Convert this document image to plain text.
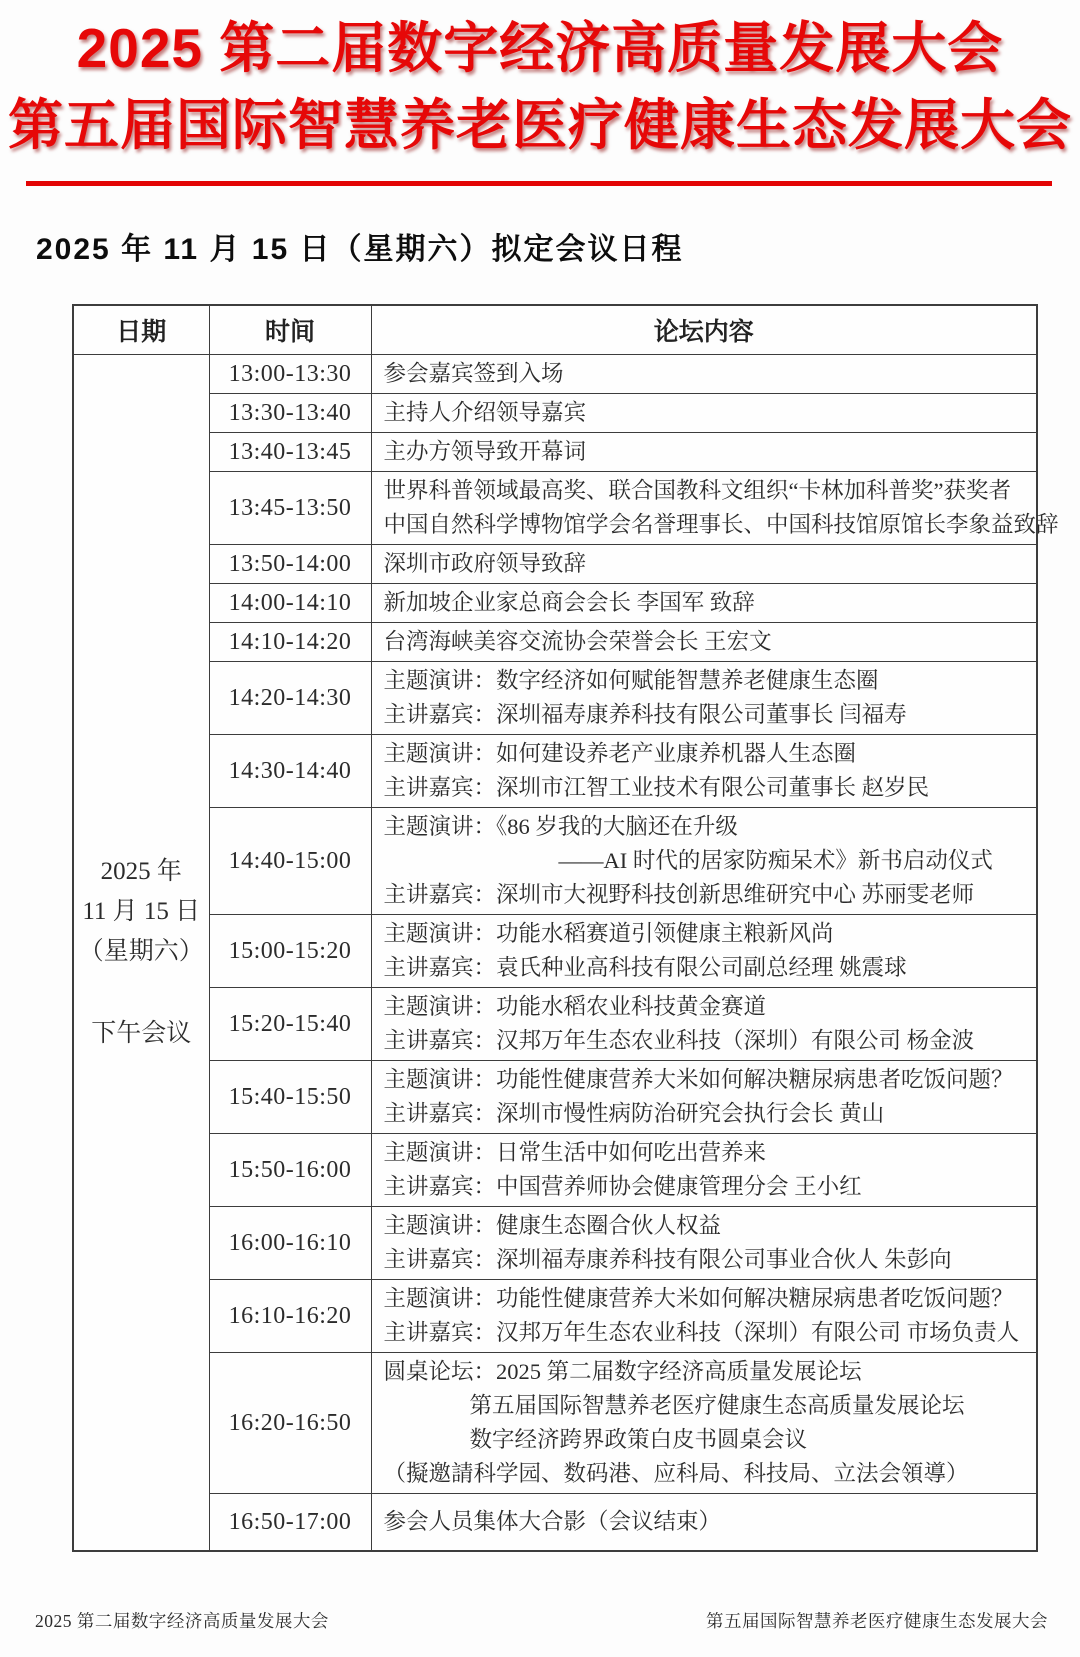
2025 第二届数字经济高质量发展大会
第五届国际智慧养老医疗健康生态发展大会
2025 年 11 月 15 日（星期六）拟定会议日程
日期	时间	论坛内容

2025 年
11 月 15 日
（星期六）
下午会议	13:00-13:30	参会嘉宾签到入场

	13:30-13:40	主持人介绍领导嘉宾

	13:40-13:45	主办方领导致开幕词

	13:45-13:50	世界科普领域最高奖、联合国教科文组织“卡林加科普奖”获奖者
中国自然科学博物馆学会名誉理事长、中国科技馆原馆长李象益致辞

	13:50-14:00	深圳市政府领导致辞

	14:00-14:10	新加坡企业家总商会会长 李国军 致辞

	14:10-14:20	台湾海峡美容交流协会荣誉会长 王宏文

	14:20-14:30	主题演讲：数字经济如何赋能智慧养老健康生态圈
主讲嘉宾：深圳福寿康养科技有限公司董事长 闫福寿

	14:30-14:40	主题演讲：如何建设养老产业康养机器人生态圈
主讲嘉宾：深圳市江智工业技术有限公司董事长 赵岁民

	14:40-15:00	主题演讲：《86 岁我的大脑还在升级
——AI 时代的居家防痴呆术》新书启动仪式
主讲嘉宾：深圳市大视野科技创新思维研究中心 苏丽雯老师

	15:00-15:20	主题演讲：功能水稻赛道引领健康主粮新风尚
主讲嘉宾：袁氏种业高科技有限公司副总经理 姚震球

	15:20-15:40	主题演讲：功能水稻农业科技黄金赛道
主讲嘉宾：汉邦万年生态农业科技（深圳）有限公司 杨金波

	15:40-15:50	主题演讲：功能性健康营养大米如何解决糖尿病患者吃饭问题？
主讲嘉宾：深圳市慢性病防治研究会执行会长 黄山

	15:50-16:00	主题演讲：日常生活中如何吃出营养来
主讲嘉宾：中国营养师协会健康管理分会 王小红

	16:00-16:10	主题演讲：健康生态圈合伙人权益
主讲嘉宾：深圳福寿康养科技有限公司事业合伙人 朱彭向

	16:10-16:20	主题演讲：功能性健康营养大米如何解决糖尿病患者吃饭问题？
主讲嘉宾：汉邦万年生态农业科技（深圳）有限公司 市场负责人

	16:20-16:50	圆桌论坛：2025 第二届数字经济高质量发展论坛
第五届国际智慧养老医疗健康生态高质量发展论坛
数字经济跨界政策白皮书圆桌会议
（擬邀請科学园、数码港、应科局、科技局、立法会領導）

	16:50-17:00	参会人员集体大合影（会议结束）
2025 第二届数字经济高质量发展大会	第五届国际智慧养老医疗健康生态发展大会
